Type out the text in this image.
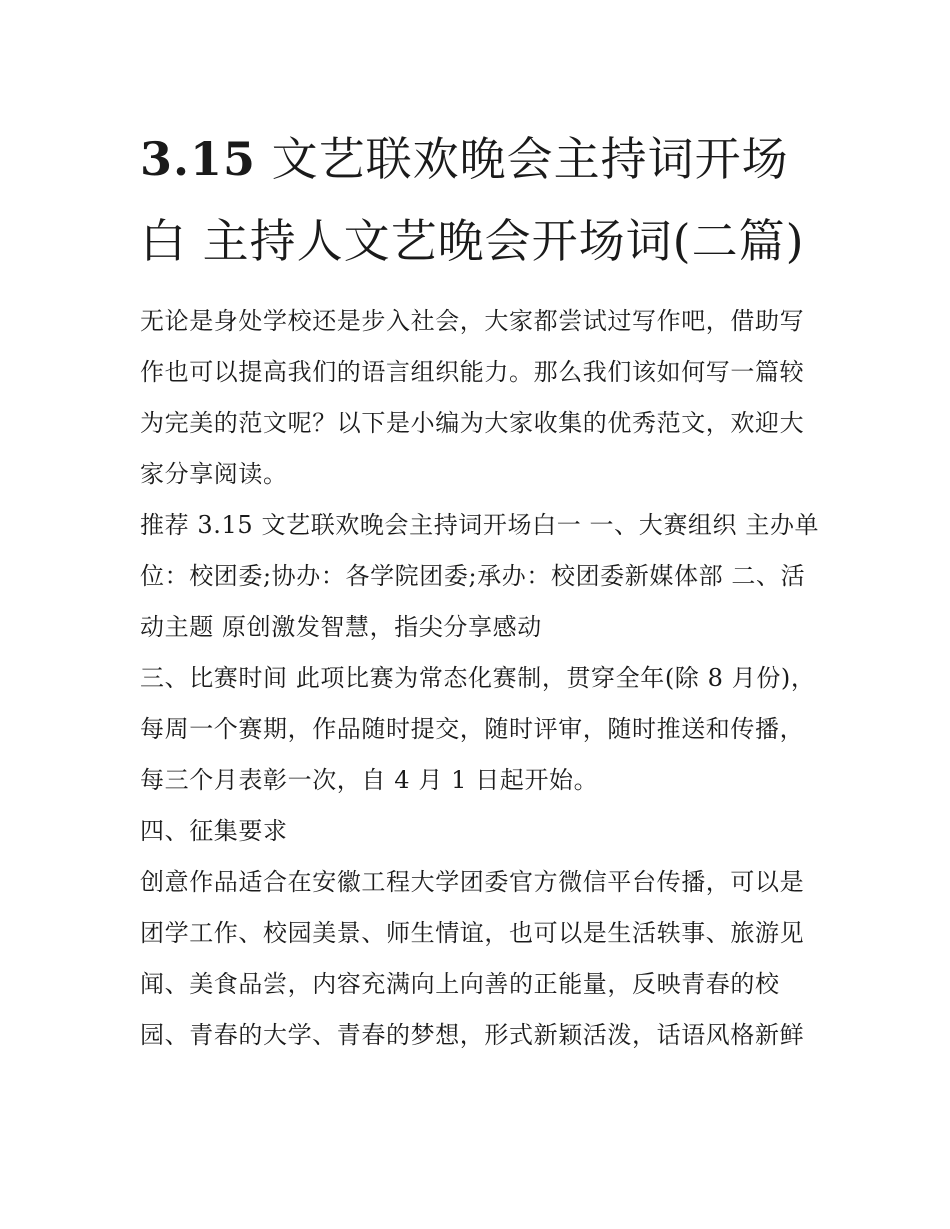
3.15 文艺联欢晚会主持词开场白 主持人文艺晚会开场词(二篇)

无论是身处学校还是步入社会，大家都尝试过写作吧，借助写作也可以提高我们的语言组织能力。那么我们该如何写一篇较为完美的范文呢？以下是小编为大家收集的优秀范文，欢迎大家分享阅读。

推荐 3.15 文艺联欢晚会主持词开场白一 一、大赛组织 主办单位：校团委;协办：各学院团委;承办：校团委新媒体部 二、活动主题 原创激发智慧，指尖分享感动

三、比赛时间 此项比赛为常态化赛制，贯穿全年(除 8 月份)，每周一个赛期，作品随时提交，随时评审，随时推送和传播，每三个月表彰一次，自 4 月 1 日起开始。

四、征集要求

创意作品适合在安徽工程大学团委官方微信平台传播，可以是团学工作、校园美景、师生情谊，也可以是生活轶事、旅游见闻、美食品尝，内容充满向上向善的正能量，反映青春的校园、青春的大学、青春的梦想，形式新颖活泼，话语风格新鲜
